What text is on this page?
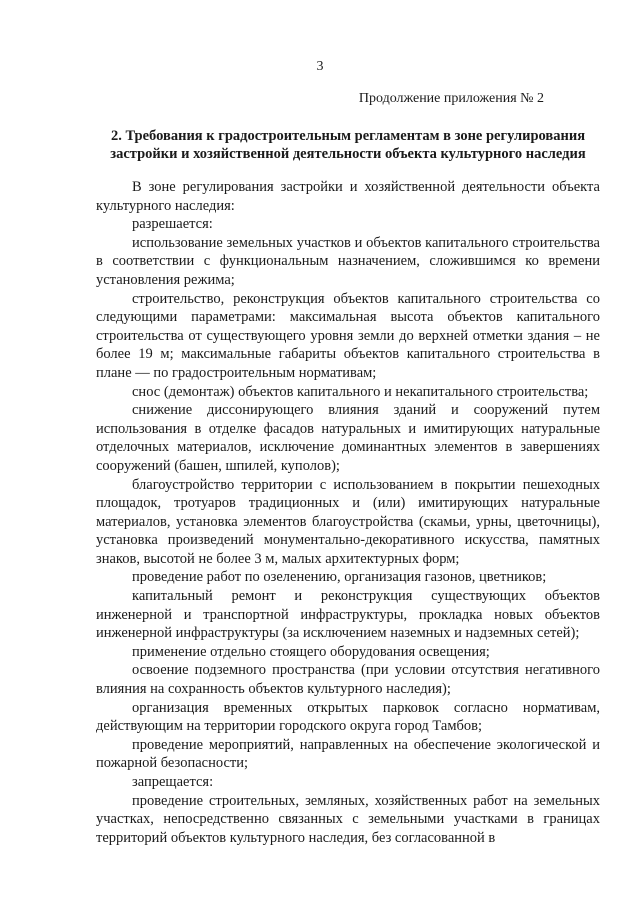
3
Продолжение приложения № 2
2. Требования к градостроительным регламентам в зоне регулирования
застройки и хозяйственной деятельности объекта культурного наследия

В зоне регулирования застройки и хозяйственной деятельности объекта культурного наследия:

разрешается:

использование земельных участков и объектов капитального строительства в соответствии с функциональным назначением, сложившимся ко времени установления режима;

строительство, реконструкция объектов капитального строительства со следующими параметрами: максимальная высота объектов капитального строительства от существующего уровня земли до верхней отметки здания – не более 19 м; максимальные габариты объектов капитального строительства в плане — по градостроительным нормативам;

снос (демонтаж) объектов капитального и некапитального строительства;

снижение диссонирующего влияния зданий и сооружений путем использования в отделке фасадов натуральных и имитирующих натуральные отделочных материалов, исключение доминантных элементов в завершениях сооружений (башен, шпилей, куполов);

благоустройство территории с использованием в покрытии пешеходных площадок, тротуаров традиционных и (или) имитирующих натуральные материалов, установка элементов благоустройства (скамьи, урны, цветочницы), установка произведений монументально-декоративного искусства, памятных знаков, высотой не более 3 м, малых архитектурных форм;

проведение работ по озеленению, организация газонов, цветников;

капитальный ремонт и реконструкция существующих объектов инженерной и транспортной инфраструктуры, прокладка новых объектов инженерной инфраструктуры (за исключением наземных и надземных сетей);

применение отдельно стоящего оборудования освещения;

освоение подземного пространства (при условии отсутствия негативного влияния на сохранность объектов культурного наследия);

организация временных открытых парковок согласно нормативам, действующим на территории городского округа город Тамбов;

проведение мероприятий, направленных на обеспечение экологической и пожарной безопасности;

запрещается:

проведение строительных, земляных, хозяйственных работ на земельных участках, непосредственно связанных с земельными участками в границах территорий объектов культурного наследия, без согласованной в
